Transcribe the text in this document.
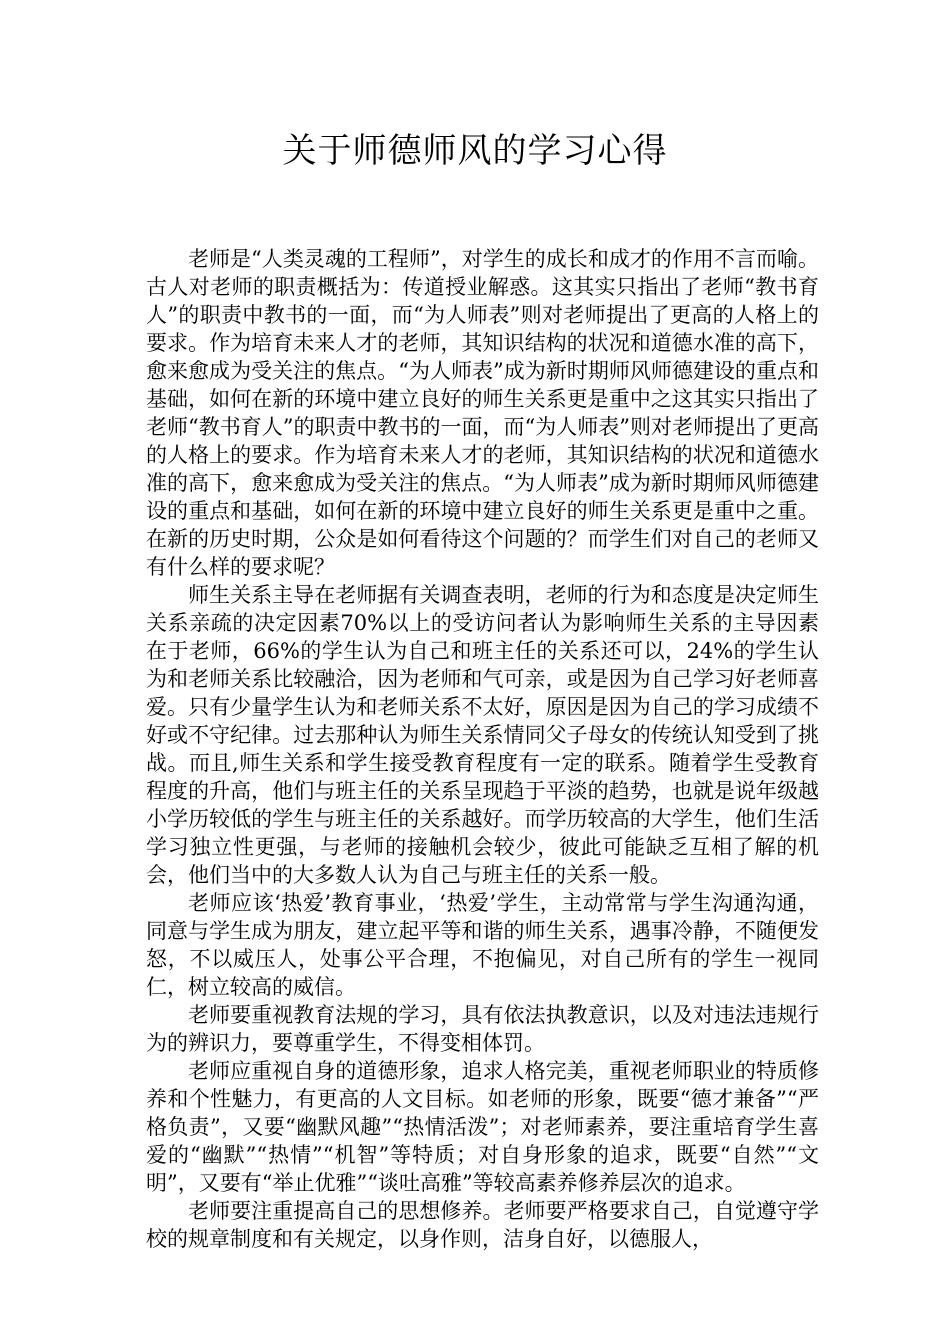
关于师德师风的学习心得

老师是“人类灵魂的工程师”，对学生的成长和成才的作用不言而喻。古人对老师的职责概括为：传道授业解惑。这其实只指出了老师“教书育人”的职责中教书的一面，而“为人师表”则对老师提出了更高的人格上的要求。作为培育未来人才的老师，其知识结构的状况和道德水准的高下，愈来愈成为受关注的焦点。“为人师表”成为新时期师风师德建设的重点和基础，如何在新的环境中建立良好的师生关系更是重中之这其实只指出了老师“教书育人”的职责中教书的一面，而“为人师表”则对老师提出了更高的人格上的要求。作为培育未来人才的老师，其知识结构的状况和道德水准的高下，愈来愈成为受关注的焦点。“为人师表”成为新时期师风师德建设的重点和基础，如何在新的环境中建立良好的师生关系更是重中之重。在新的历史时期，公众是如何看待这个问题的？而学生们对自己的老师又有什么样的要求呢？

师生关系主导在老师据有关调查表明，老师的行为和态度是决定师生关系亲疏的决定因素70%以上的受访问者认为影响师生关系的主导因素在于老师，66%的学生认为自己和班主任的关系还可以，24%的学生认为和老师关系比较融洽，因为老师和气可亲，或是因为自己学习好老师喜爱。只有少量学生认为和老师关系不太好，原因是因为自己的学习成绩不好或不守纪律。过去那种认为师生关系情同父子母女的传统认知受到了挑战。而且,师生关系和学生接受教育程度有一定的联系。随着学生受教育程度的升高，他们与班主任的关系呈现趋于平淡的趋势，也就是说年级越小学历较低的学生与班主任的关系越好。而学历较高的大学生，他们生活学习独立性更强，与老师的接触机会较少，彼此可能缺乏互相了解的机会，他们当中的大多数人认为自己与班主任的关系一般。

老师应该‘热爱’教育事业，‘热爱’学生，主动常常与学生沟通沟通，同意与学生成为朋友，建立起平等和谐的师生关系，遇事冷静，不随便发怒，不以威压人，处事公平合理，不抱偏见，对自己所有的学生一视同仁，树立较高的威信。

老师要重视教育法规的学习，具有依法执教意识，以及对违法违规行为的辨识力，要尊重学生，不得变相体罚。

老师应重视自身的道德形象，追求人格完美，重视老师职业的特质修养和个性魅力，有更高的人文目标。如老师的形象，既要“德才兼备”“严格负责”，又要“幽默风趣”“热情活泼”；对老师素养，要注重培育学生喜爱的“幽默”“热情”“机智”等特质；对自身形象的追求，既要“自然”“文明”，又要有“举止优雅”“谈吐高雅”等较高素养修养层次的追求。

老师要注重提高自己的思想修养。老师要严格要求自己，自觉遵守学校的规章制度和有关规定，以身作则，洁身自好，以德服人，
